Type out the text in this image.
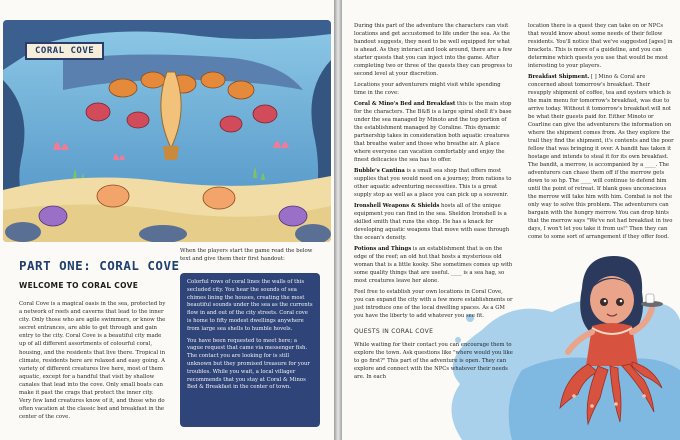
CORAL COVE
PART ONE: CORAL COVE
WELCOME TO CORAL COVE

Coral Cove is a magical oasis in the sea, protected by a network of reefs and caverns that lead to the inner city. Only those who are agile swimmers, or know the secret entrances, are able to get through and gain entry to the city. Coral Cove is a beautiful city made up of all different assortments of colourful coral, housing, and the residents that live there. Tropical in climate, residents here are relaxed and easy going. A variety of different creatures live here, most of them aquatic, except for a handful that visit by shallow canales that lead into the cove. Only small boats can make it past the crags that protect the inner city. Very few land creatures know of it, and those who do often vacation at the classic bed and breakfast in the center of the cove.

When the players start the game read the below text and give them their first handout:

Colorful rows of coral lines the walls of this secluded city. You hear the sounds of sea chimes lining the houses, creating the most beautiful sounds under the sea as the currents flow in and out of the city streets. Coral cove is home to fifty modest dwellings anywhere from large sea shells to humble hovels.

You have been requested to meet here; a vague request that came via messenger fish. The contact you are looking for is still unknown but they promised treasure for your troubles. While you wait, a local villager recommends that you stay at Coral & Minos Bed & Breakfast in the center of town.

During this part of the adventure the characters can visit locations and get accustomed to life under the sea. As the handout suggests, they need to be well equipped for what is ahead. As they interact and look around, there are a few starter quests that you can inject into the game. After completing two or three of the quests they can progress to second level at your discretion.

Locations your adventurers might visit while spending time in the cove:

Coral & Mino's Bed and Breakfast this is the main stop for the characters. The B&B is a large spiral shell it's base under the sea managed by Minoto and the top portion of the establishment managed by Coraline. This dynamic partnership takes in consideration both aquatic creatures that breathe water and those who breathe air. A place where everyone can vacation comfortably and enjoy the finest delicacies the sea has to offer.

Bubble's Cantina is a small sea shop that offers most supplies that you would need on a journey; from rations to other aquatic adventuring necessities. This is a great supply stop as well as a place you can pick up a souvenir.

Ironshell Weapons & Shields hosts all of the unique equipment you can find in the sea. Sheldon Ironshell is a skilled smith that runs the shop. He has a knack for developing aquatic weapons that move with ease through the ocean's density.

Potions and Things is an establishment that is on the edge of the reef; an old hut that hosts a mysterious old woman that is a little kooky. She sometimes comes up with some quality things that are useful. ____ is a sea hag, so most creatures leave her alone.

Feel free to establish your own locations in Coral Cove, you can expand the city with a few more establishments or just introduce one of the local dwelling spaces. As a GM you have the liberty to add whatever you see fit.

QUESTS IN CORAL COVE

While waiting for their contact you can encourage them to explore the town. Ask questions like "where would you like to go first?" This part of the adventure is open. They can explore and connect with the NPCs whatever their needs are. In each

location there is a quest they can take on or NPCs that would know about some needs of their fellow residents. You'll notice that we've suggested [ages] in brackets. This is more of a guideline, and you can determine which quests you use that would be most interesting to your players.

Breakfast Shipment. [ ] Mino & Coral are concerned about tomorrow's breakfast. Their resupply shipment of coffee, tea and oysters which is the main menu for tomorrow's breakfast, was due to arrive today. Without it tomorrow's breakfast will not be what their guests paid for. Either Minoto or Coarline can give the adventurers the information on where the shipment comes from. As they explore the trail they find the shipment, it's contents and the poor fellow that was bringing it over. A bandit has taken it hostage and intends to steal it for its own breakfast. The bandit, a merrow, is accompanied by a ____. The adventurers can chase them off if the merrow gets down to so hp. The ____ will continue to defend him until the point of retreat. If blank goes unconscious the merrow will take him with him. Combat is not the only way to solve this problem. The adventurers can bargain with the hungry merrow. You can drop hints that the merrow says "We've not had breakfast in two days, I won't let you take it from us!" Then they can come to some sort of arrangement if they offer food.
